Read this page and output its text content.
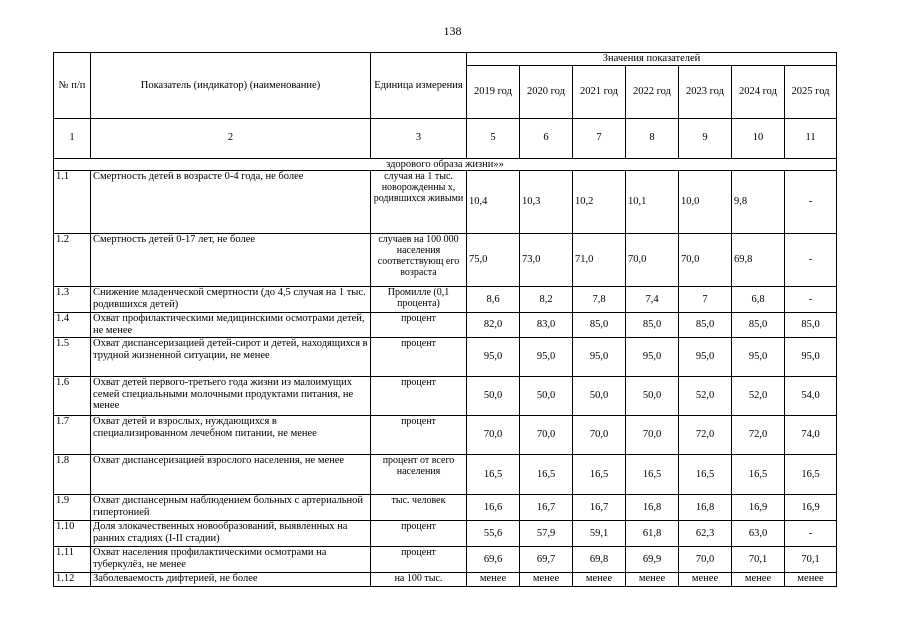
138
№ п/п	Показатель (индикатор) (наименование)	Единица измерения	Значения показателей						
			2019 год	2020 год	2021 год	2022 год	2023 год	2024 год	2025 год
1	2	3	5	6	7	8	9	10	11
здорового образа жизни»»									
1.1	Смертность детей в возрасте 0-4 года, не более	случая на 1 тыс. новорожденны х, родившихся живыми	10,4	10,3	10,2	10,1	10,0	9,8	-
1.2	Смертность детей 0-17 лет, не более	случаев на 100 000 населения соответствующ его возраста	75,0	73,0	71,0	70,0	70,0	69,8	-
1.3	Снижение младенческой смертности (до 4,5 случая на 1 тыс. родившихся детей)	Промилле (0,1 процента)	8,6	8,2	7,8	7,4	7	6,8	-
1.4	Охват профилактическими медицинскими осмотрами детей, не менее	процент	82,0	83,0	85,0	85,0	85,0	85,0	85,0
1.5	Охват диспансеризацией детей-сирот и детей, находящихся в трудной жизненной ситуации, не менее	процент	95,0	95,0	95,0	95,0	95,0	95,0	95,0
1.6	Охват детей первого-третьего года жизни из малоимущих семей специальными молочными продуктами питания, не менее	процент	50,0	50,0	50,0	50,0	52,0	52,0	54,0
1.7	Охват детей и взрослых, нуждающихся в специализированном лечебном питании, не менее	процент	70,0	70,0	70,0	70,0	72,0	72,0	74,0
1.8	Охват диспансеризацией взрослого населения, не менее	процент от всего населения	16,5	16,5	16,5	16,5	16,5	16,5	16,5
1.9	Охват диспансерным наблюдением больных с артериальной гипертонией	тыс. человек	16,6	16,7	16,7	16,8	16,8	16,9	16,9
1.10	Доля злокачественных новообразований, выявленных на ранних стадиях (I-II стадии)	процент	55,6	57,9	59,1	61,8	62,3	63,0	-
1.11	Охват населения профилактическими осмотрами на туберкулёз, не менее	процент	69,6	69,7	69,8	69,9	70,0	70,1	70,1
1.12	Заболеваемость дифтерией, не более	на 100 тыс.	менее	менее	менее	менее	менее	менее	менее
